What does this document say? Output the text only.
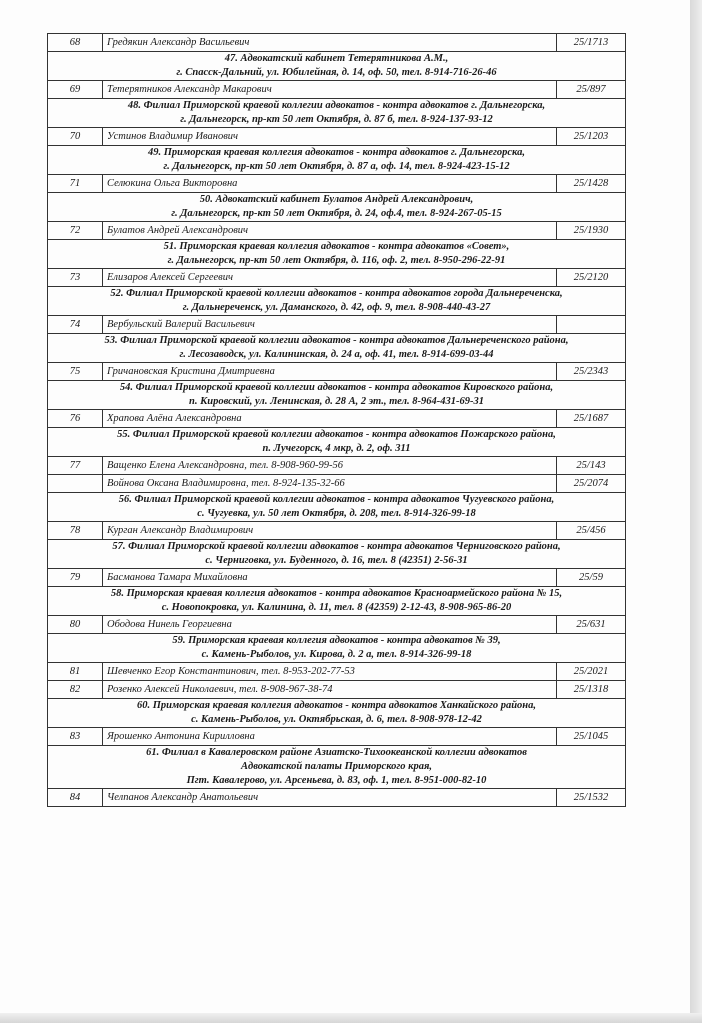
68	Гредякин Александр Васильевич	25/1713

47. Адвокатский кабинет Тетерятникова А.М.,
г. Спасск-Дальний, ул. Юбилейная, д. 14, оф. 50, тел. 8-914-716-26-46		

69	Тетерятников Александр Макарович	25/897

48. Филиал Приморской краевой коллегии адвокатов - контра адвокатов г. Дальнегорска,
г. Дальнегорск, пр-кт 50 лет Октября, д. 87 б, тел. 8-924-137-93-12		

70	Устинов Владимир Иванович	25/1203

49. Приморская краевая коллегия адвокатов - контра адвокатов г. Дальнегорска,
г. Дальнегорск, пр-кт 50 лет Октября, д. 87 а, оф. 14, тел. 8-924-423-15-12		

71	Селюкина Ольга Викторовна	25/1428

50. Адвокатский кабинет Булатов Андрей Александрович,
г. Дальнегорск, пр-кт 50 лет Октября, д. 24, оф.4, тел. 8-924-267-05-15		

72	Булатов Андрей Александрович	25/1930

51. Приморская краевая коллегия адвокатов - контра адвокатов «Совет»,
г. Дальнегорск, пр-кт 50 лет Октября, д. 116, оф. 2, тел. 8-950-296-22-91		

73	Елизаров Алексей Сергеевич	25/2120

52. Филиал Приморской краевой коллегии адвокатов - контра адвокатов города Дальнереченска,
г. Дальнереченск, ул. Даманского, д. 42, оф. 9, тел. 8-908-440-43-27		

74	Вербульский Валерий Васильевич	

53. Филиал Приморской краевой коллегии адвокатов - контра адвокатов Дальнереченского района,
г. Лесозаводск, ул. Калининская, д. 24 а, оф. 41, тел. 8-914-699-03-44		

75	Гричановская Кристина Дмитриевна	25/2343

54. Филиал Приморской краевой коллегии адвокатов - контра адвокатов Кировского района,
п. Кировский, ул. Ленинская, д. 28 А, 2 эт., тел. 8-964-431-69-31		

76	Храпова Алёна Александровна	25/1687

55. Филиал Приморской краевой коллегии адвокатов - контра адвокатов Пожарского района,
п. Лучегорск, 4 мкр, д. 2, оф. 311		

77	Ващенко Елена Александровна, тел. 8-908-960-99-56	25/143
	Войнова Оксана Владимировна, тел. 8-924-135-32-66	25/2074

56. Филиал Приморской краевой коллегии адвокатов - контра адвокатов Чугуевского района,
с. Чугуевка, ул. 50 лет Октября, д. 208, тел. 8-914-326-99-18		

78	Курган Александр Владимирович	25/456

57. Филиал Приморской краевой коллегии адвокатов - контра адвокатов Черниговского района,
с. Черниговка, ул. Буденного, д. 16, тел. 8 (42351) 2-56-31		

79	Басманова Тамара Михайловна	25/59

58. Приморская краевая коллегия адвокатов - контра адвокатов Красноармейского района № 15,
с. Новопокровка, ул. Калинина, д. 11, тел. 8 (42359) 2-12-43, 8-908-965-86-20		

80	Ободова Нинель Георгиевна	25/631

59. Приморская краевая коллегия адвокатов - контра адвокатов № 39,
с. Камень-Рыболов, ул. Кирова, д. 2 а, тел. 8-914-326-99-18		

81	Шевченко Егор Константинович, тел. 8-953-202-77-53	25/2021
82	Розенко Алексей Николаевич, тел. 8-908-967-38-74	25/1318

60. Приморская краевая коллегия адвокатов - контра адвокатов Ханкайского района,
с. Камень-Рыболов, ул. Октябрьская, д. 6, тел. 8-908-978-12-42		

83	Ярошенко Антонина Кирилловна	25/1045

61. Филиал в Кавалеровском районе Азиатско-Тихоокеанской коллегии адвокатов
Адвокатской палаты Приморского края,
Пгт. Кавалерово, ул. Арсеньева, д. 83, оф. 1, тел. 8-951-000-82-10		

84	Челпанов Александр Анатольевич	25/1532
